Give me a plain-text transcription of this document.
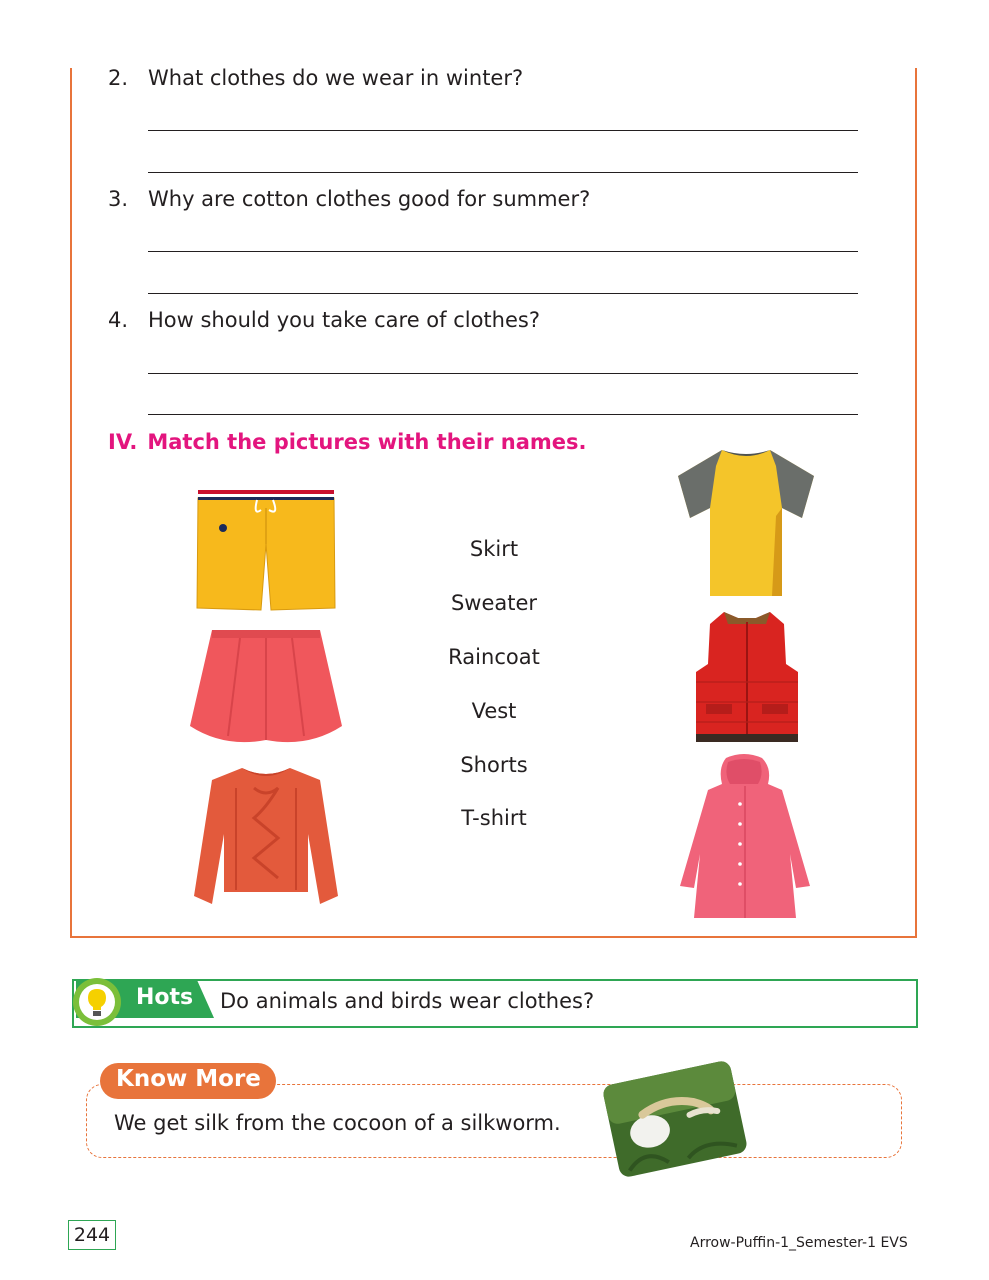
2. What clothes do we wear in winter?
3. Why are cotton clothes good for summer?
4. How should you take care of clothes?
IV. Match the pictures with their names.
Skirt
Sweater
Raincoat
Vest
Shorts
T-shirt
Hots Do animals and birds wear clothes?
Know More
We get silk from the cocoon of a silkworm.
244	Arrow-Puffin-1_Semester-1 EVS
